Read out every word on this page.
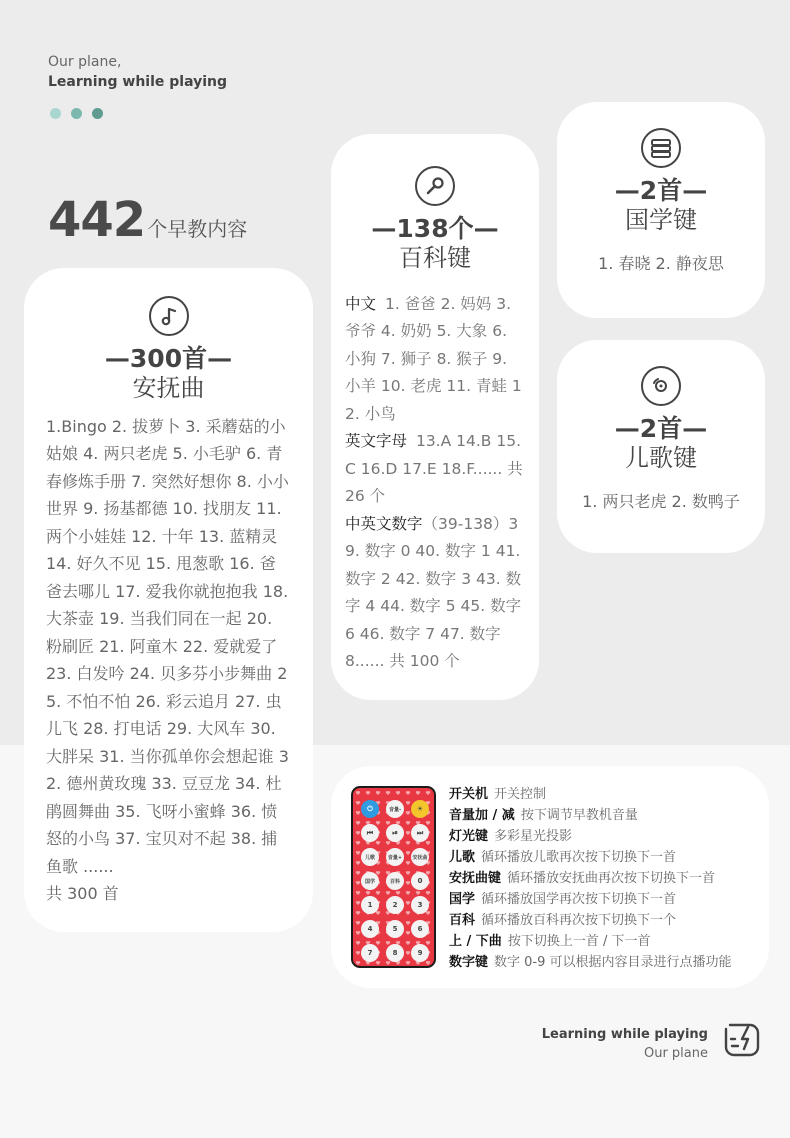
Our plane,
Learning while playing
442 个早教内容
—300首—
安抚曲
1.Bingo 2. 拔萝卜 3. 采蘑菇的小姑娘 4. 两只老虎 5. 小毛驴 6. 青春修炼手册 7. 突然好想你 8. 小小世界 9. 扬基都德 10. 找朋友 11. 两个小娃娃 12. 十年 13. 蓝精灵 14. 好久不见 15. 甩葱歌 16. 爸爸去哪儿 17. 爱我你就抱抱我 18. 大茶壶 19. 当我们同在一起 20. 粉刷匠 21. 阿童木 22. 爱就爱了 23. 白发吟 24. 贝多芬小步舞曲 25. 不怕不怕 26. 彩云追月 27. 虫儿飞 28. 打电话 29. 大风车 30. 大胖呆 31. 当你孤单你会想起谁 32. 德州黄玫瑰 33. 豆豆龙 34. 杜鹃圆舞曲 35. 飞呀小蜜蜂 36. 愤怒的小鸟 37. 宝贝对不起 38. 捕鱼歌 ......
共 300 首
—138个—
百科键
中文 1. 爸爸 2. 妈妈 3. 爷爷 4. 奶奶 5. 大象 6. 小狗 7. 狮子 8. 猴子 9. 小羊 10. 老虎 11. 青蛙 12. 小鸟
英文字母 13.A 14.B 15.C 16.D 17.E 18.F...... 共 26 个
中英文数字（39-138）39. 数字 0 40. 数字 1 41. 数字 2 42. 数字 3 43. 数字 4 44. 数字 5 45. 数字 6 46. 数字 7 47. 数字 8...... 共 100 个
—2首—
国学键
1. 春晓 2. 静夜思
—2首—
儿歌键
1. 两只老虎 2. 数鸭子
⏻	音量-	☀
⏮	⏯	⏭
儿歌	音量+	安抚曲
国学	百科	0
1	2	3
4	5	6
7	8	9
开关机 开关控制
音量加 / 减 按下调节早教机音量
灯光键 多彩星光投影
儿歌 循环播放儿歌再次按下切换下一首
安抚曲键 循环播放安抚曲再次按下切换下一首
国学 循环播放国学再次按下切换下一首
百科 循环播放百科再次按下切换下一个
上 / 下曲 按下切换上一首 / 下一首
数字键 数字 0-9 可以根据内容目录进行点播功能
Learning while playing
Our plane
